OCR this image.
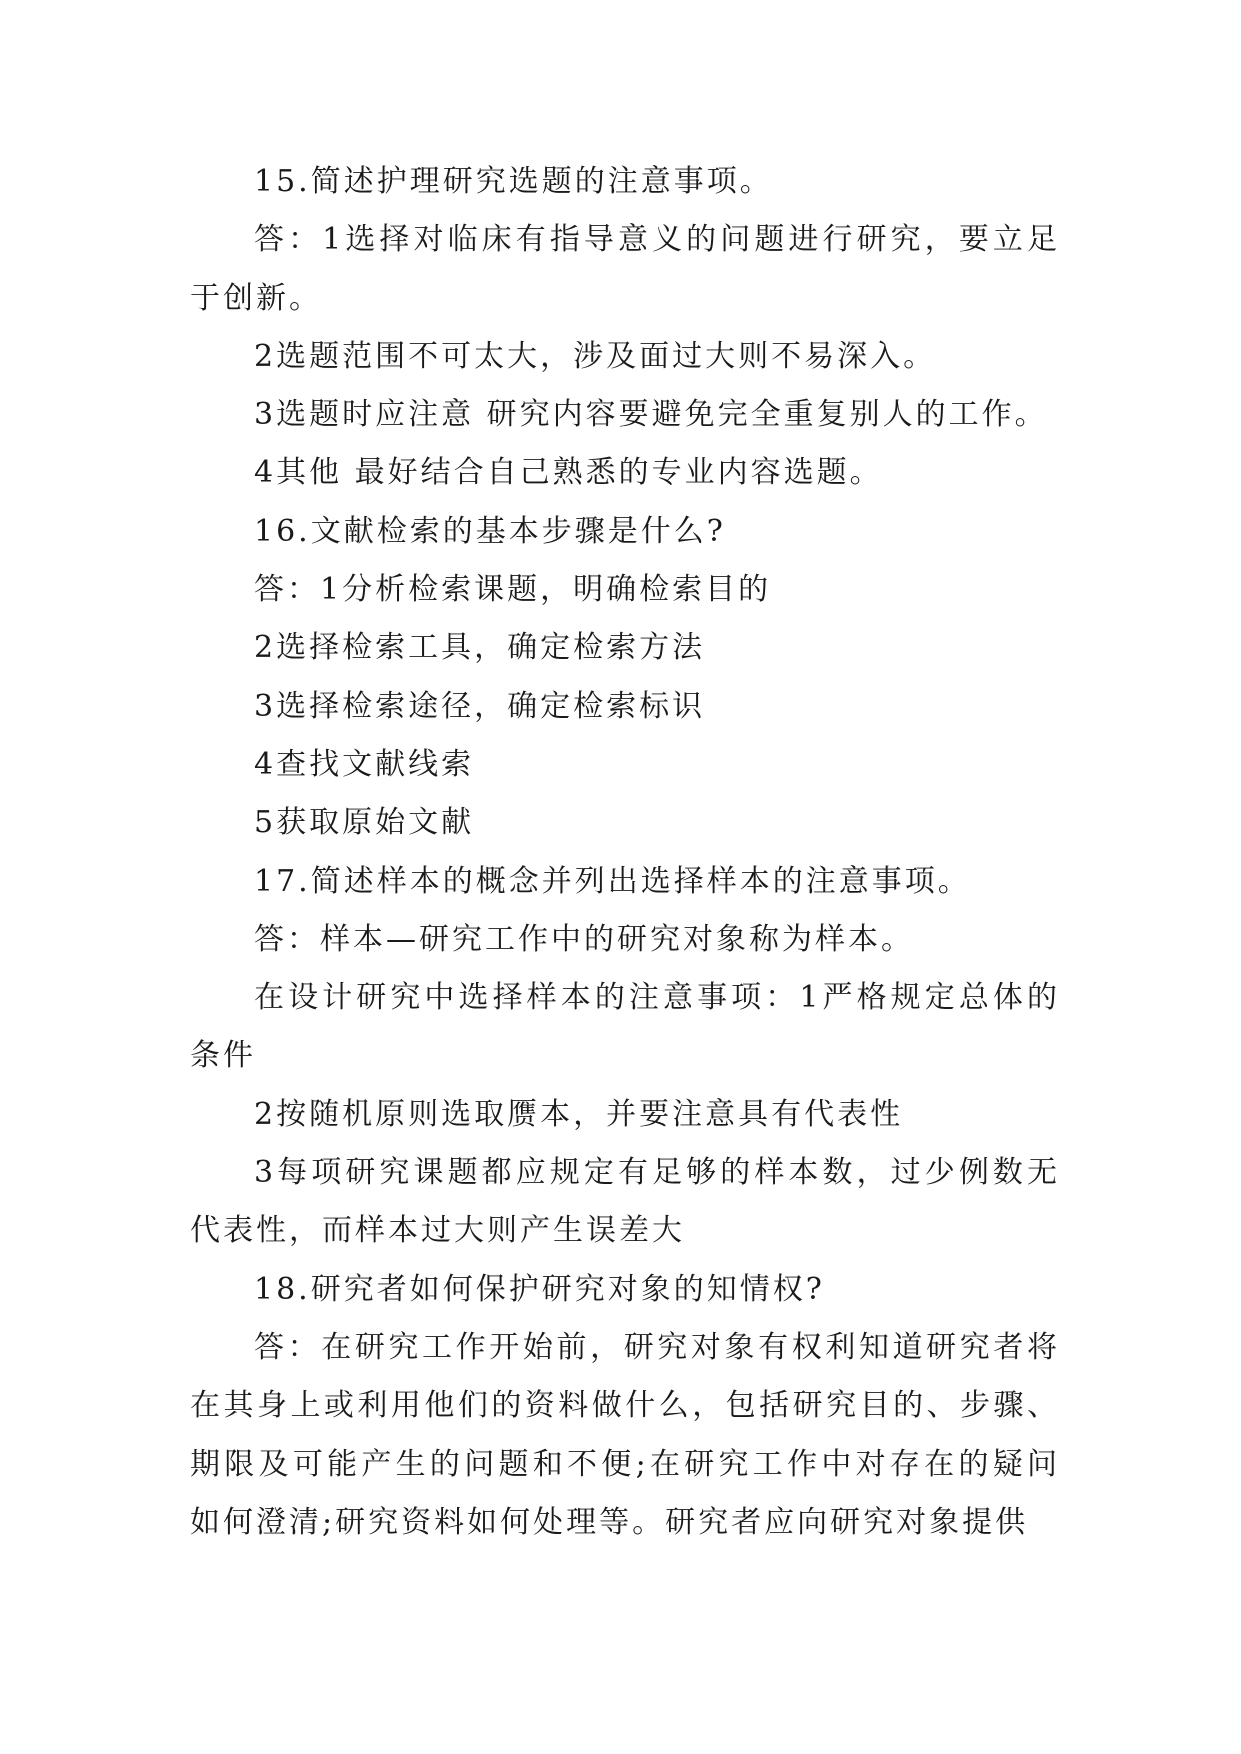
15.简述护理研究选题的注意事项。

答：1选择对临床有指导意义的问题进行研究，要立足于创新。

2选题范围不可太大，涉及面过大则不易深入。

3选题时应注意 研究内容要避免完全重复别人的工作。

4其他 最好结合自己熟悉的专业内容选题。

16.文献检索的基本步骤是什么?

答：1分析检索课题，明确检索目的

2选择检索工具，确定检索方法

3选择检索途径，确定检索标识

4查找文献线索

5获取原始文献

17.简述样本的概念并列出选择样本的注意事项。

答：样本—研究工作中的研究对象称为样本。

在设计研究中选择样本的注意事项：1严格规定总体的条件

2按随机原则选取赝本，并要注意具有代表性

3每项研究课题都应规定有足够的样本数，过少例数无代表性，而样本过大则产生误差大

18.研究者如何保护研究对象的知情权?

答：在研究工作开始前，研究对象有权利知道研究者将在其身上或利用他们的资料做什么，包括研究目的、步骤、期限及可能产生的问题和不便;在研究工作中对存在的疑问如何澄清;研究资料如何处理等。研究者应向研究对象提供
